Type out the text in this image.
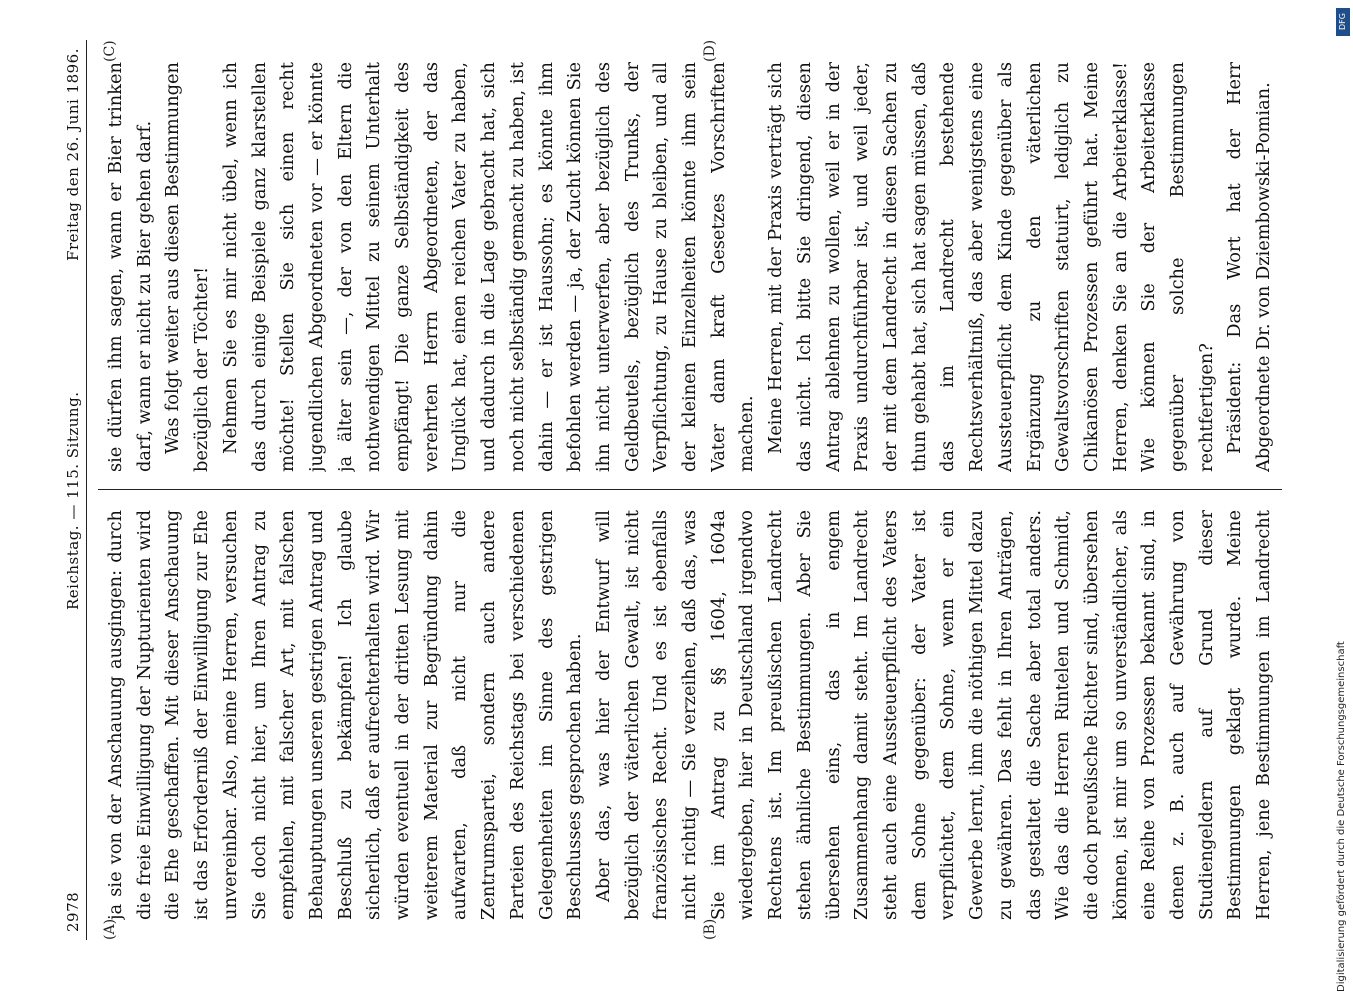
2978
Reichstag. — 115. Sitzung.
Freitag den 26. Juni 1896.
(A)	(B)
(C)	(D)

ja sie von der Anschauung ausgingen: durch die freie Einwilligung der Nupturienten wird die Ehe geschaffen. Mit dieser Anschauung ist das Erforderniß der Einwilligung zur Ehe unvereinbar. Also, meine Herren, versuchen Sie doch nicht hier, um Ihren Antrag zu empfehlen, mit falscher Art, mit falschen Behauptungen unseren gestrigen Antrag und Beschluß zu bekämpfen! Ich glaube sicherlich, daß er aufrechterhalten wird. Wir würden eventuell in der dritten Lesung mit weiterem Material zur Begründung dahin aufwarten, daß nicht nur die Zentrumspartei, sondern auch andere Parteien des Reichstags bei verschiedenen Gelegenheiten im Sinne des gestrigen Beschlusses gesprochen haben. Aber das, was hier der Entwurf will bezüglich der väterlichen Gewalt, ist nicht französisches Recht. Und es ist ebenfalls nicht richtig — Sie verzeihen, daß das, was Sie im Antrag zu §§ 1604, 1604a wiedergeben, hier in Deutschland irgendwo Rechtens ist. Im preußischen Landrecht stehen ähnliche Bestimmungen. Aber Sie übersehen eins, das in engem Zusammenhang damit steht. Im Landrecht steht auch eine Aussteuerpflicht des Vaters dem Sohne gegenüber: der Vater ist verpflichtet, dem Sohne, wenn er ein Gewerbe lernt, ihm die nöthigen Mittel dazu zu gewähren. Das fehlt in Ihren Anträgen, das gestaltet die Sache aber total anders. Wie das die Herren Rintelen und Schmidt, die doch preußische Richter sind, übersehen können, ist mir um so unverständlicher, als eine Reihe von Prozessen bekannt sind, in denen z. B. auch auf Gewährung von Studiengeldern auf Grund dieser Bestimmungen geklagt wurde. Meine Herren, jene Bestimmungen im Landrecht

sie dürfen ihm sagen, wann er Bier trinken darf, wann er nicht zu Bier gehen darf. Was folgt weiter aus diesen Bestimmungen bezüglich der Töchter! Nehmen Sie es mir nicht übel, wenn ich das durch einige Beispiele ganz klarstellen möchte! Stellen Sie sich einen recht jugendlichen Abgeordneten vor — er könnte ja älter sein —, der von den Eltern die nothwendigen Mittel zu seinem Unterhalt empfängt! Die ganze Selbständigkeit des verehrten Herrn Abgeordneten, der das Unglück hat, einen reichen Vater zu haben, und dadurch in die Lage gebracht hat, sich noch nicht selbständig gemacht zu haben, ist dahin — er ist Haussohn; es könnte ihm befohlen werden — ja, der Zucht können Sie ihn nicht unterwerfen, aber bezüglich des Geldbeutels, bezüglich des Trunks, der Verpflichtung, zu Hause zu bleiben, und all der kleinen Einzelheiten könnte ihm sein Vater dann kraft Gesetzes Vorschriften machen. Meine Herren, mit der Praxis verträgt sich das nicht. Ich bitte Sie dringend, diesen Antrag ablehnen zu wollen, weil er in der Praxis undurchführbar ist, und weil jeder, der mit dem Landrecht in diesen Sachen zu thun gehabt hat, sich hat sagen müssen, daß das im Landrecht bestehende Rechtsverhältniß, das aber wenigstens eine Aussteuerpflicht dem Kinde gegenüber als Ergänzung zu den väterlichen Gewaltsvorschriften statuirt, lediglich zu Chikanösen Prozessen geführt hat. Meine Herren, denken Sie an die Arbeiterklasse! Wie können Sie der Arbeiterklasse gegenüber solche Bestimmungen rechtfertigen? Präsident: Das Wort hat der Herr Abgeordnete Dr. von Dziembowski-Pomian.

DFG
Digitalisierung gefördert durch die Deutsche Forschungsgemeinschaft
